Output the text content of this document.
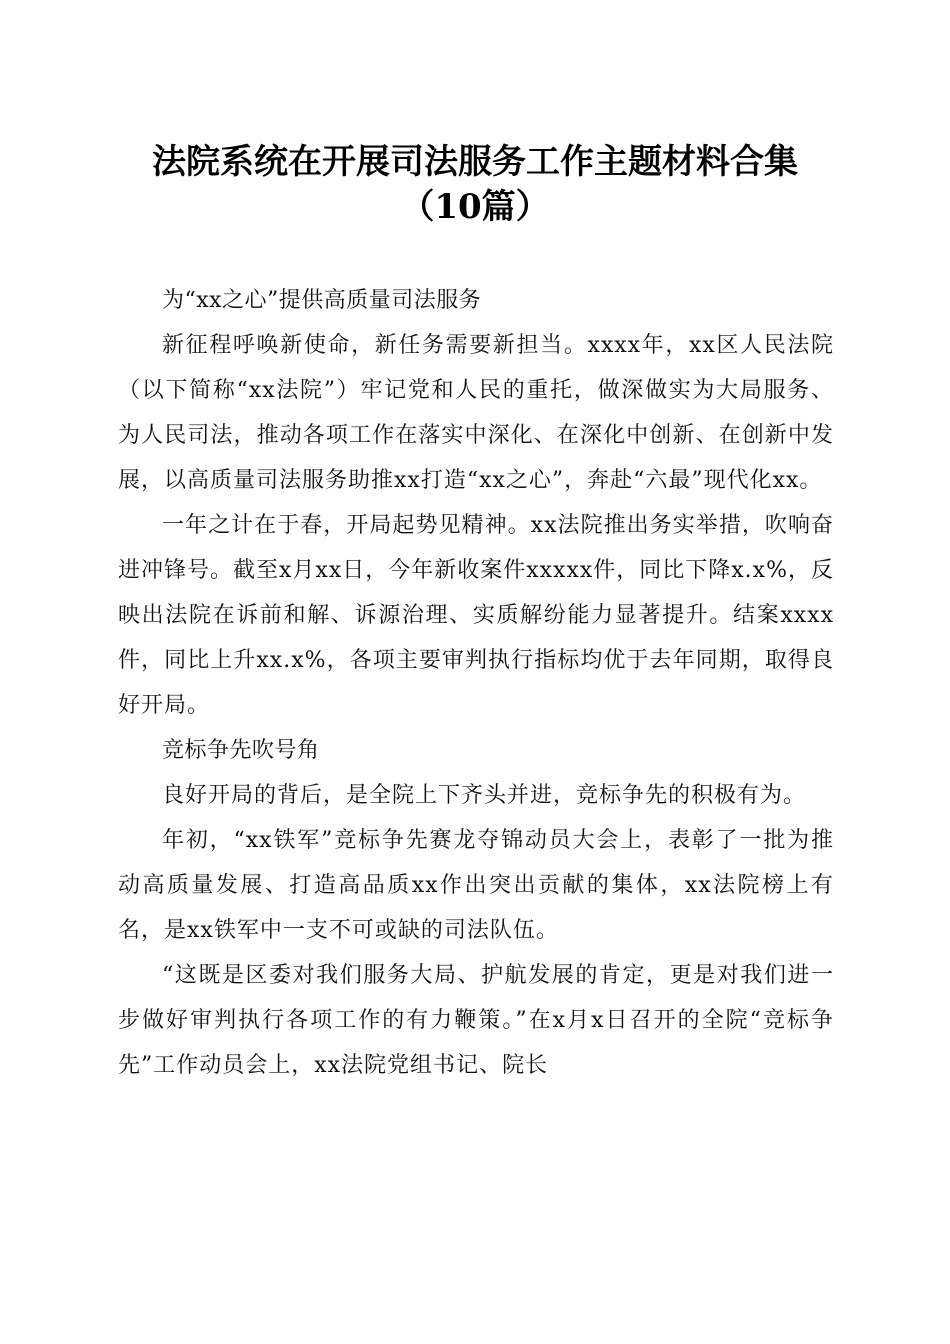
法院系统在开展司法服务工作主题材料合集
（10篇）

为“xx之心”提供高质量司法服务

新征程呼唤新使命，新任务需要新担当。xxxx年，xx区人民法院（以下简称“xx法院”）牢记党和人民的重托，做深做实为大局服务、为人民司法，推动各项工作在落实中深化、在深化中创新、在创新中发展，以高质量司法服务助推xx打造“xx之心”，奔赴“六最”现代化xx。

一年之计在于春，开局起势见精神。xx法院推出务实举措，吹响奋进冲锋号。截至x月xx日，今年新收案件xxxxx件，同比下降x.x%，反映出法院在诉前和解、诉源治理、实质解纷能力显著提升。结案xxxx件，同比上升xx.x%，各项主要审判执行指标均优于去年同期，取得良好开局。

竞标争先吹号角

良好开局的背后，是全院上下齐头并进，竞标争先的积极有为。

年初，“xx铁军”竞标争先赛龙夺锦动员大会上，表彰了一批为推动高质量发展、打造高品质xx作出突出贡献的集体，xx法院榜上有名，是xx铁军中一支不可或缺的司法队伍。

“这既是区委对我们服务大局、护航发展的肯定，更是对我们进一步做好审判执行各项工作的有力鞭策。”在x月x日召开的全院“竞标争先”工作动员会上，xx法院党组书记、院长
